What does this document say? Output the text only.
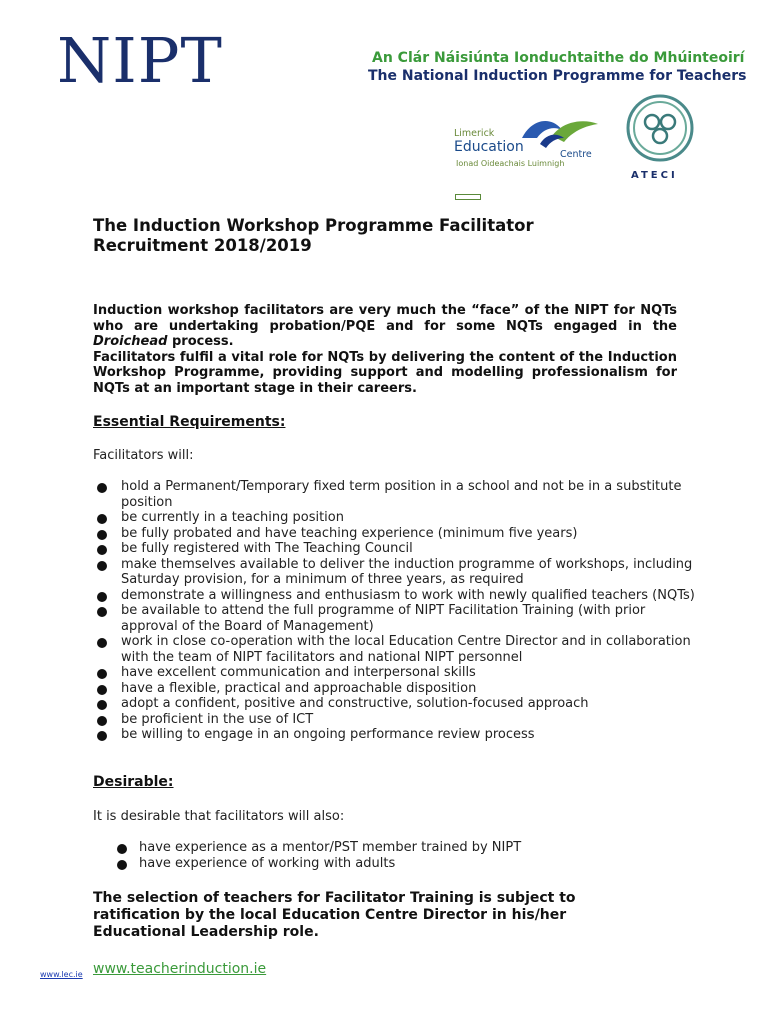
NIPT	An Clár Náisiúnta Ionduchtaithe do Mhúinteoirí
The National Induction Programme for Teachers
Limerick
Education	Centre
Ionad Oideachais Luimnigh
ATECI
The Induction Workshop Programme Facilitator Recruitment 2018/2019

Induction workshop facilitators are very much the “face” of the NIPT for NQTs who are undertaking probation/PQE and for some NQTs engaged in the Droichead process.

Facilitators fulfil a vital role for NQTs by delivering the content of the Induction Workshop Programme, providing support and modelling professionalism for NQTs at an important stage in their careers.

Essential Requirements:
Facilitators will:
hold a Permanent/Temporary fixed term position in a school and not be in a substitute position
be currently in a teaching position
be fully probated and have teaching experience (minimum five years)
be fully registered with The Teaching Council
make themselves available to deliver the induction programme of workshops, including Saturday provision, for a minimum of three years, as required
demonstrate a willingness and enthusiasm to work with newly qualified teachers (NQTs)
be available to attend the full programme of NIPT Facilitation Training (with prior approval of the Board of Management)
work in close co-operation with the local Education Centre Director and in collaboration with the team of NIPT facilitators and national NIPT personnel
have excellent communication and interpersonal skills
have a flexible, practical and approachable disposition
adopt a confident, positive and constructive, solution-focused approach
be proficient in the use of ICT
be willing to engage in an ongoing performance review process
Desirable:
It is desirable that facilitators will also:
have experience as a mentor/PST member trained by NIPT
have experience of working with adults
The selection of teachers for Facilitator Training is subject to ratification by the local Education Centre Director in his/her Educational Leadership role.
www.lec.ie www.teacherinduction.ie
